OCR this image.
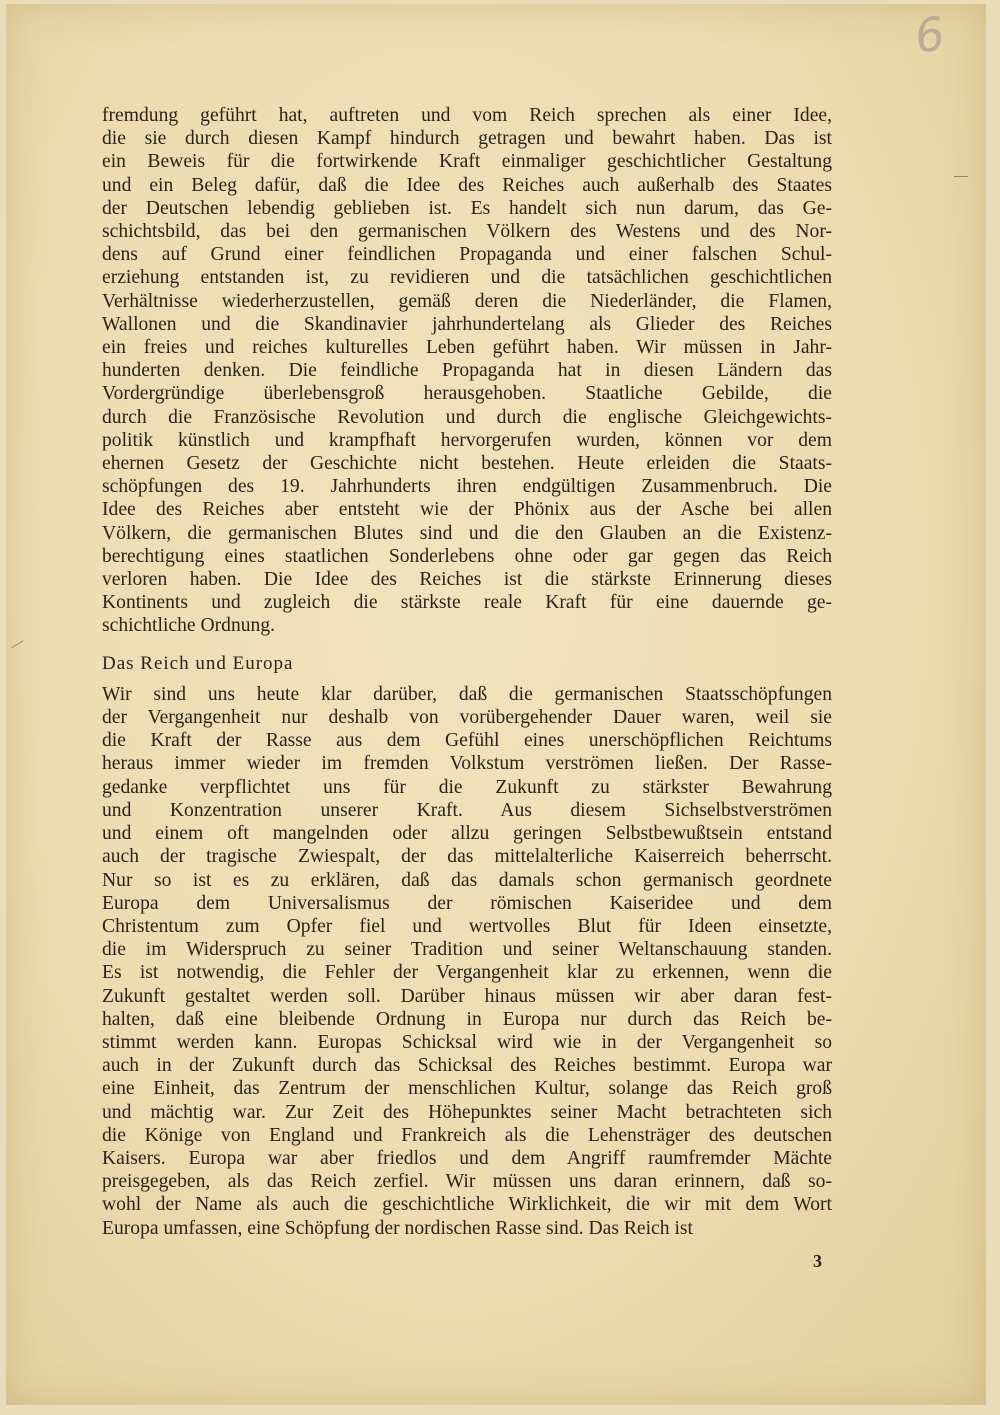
6
fremdung geführt hat, auftreten und vom Reich sprechen als einer Idee,
die sie durch diesen Kampf hindurch getragen und bewahrt haben. Das ist
ein Beweis für die fortwirkende Kraft einmaliger geschichtlicher Gestaltung
und ein Beleg dafür, daß die Idee des Reiches auch außerhalb des Staates
der Deutschen lebendig geblieben ist. Es handelt sich nun darum, das Ge-
schichtsbild, das bei den germanischen Völkern des Westens und des Nor-
dens auf Grund einer feindlichen Propaganda und einer falschen Schul-
erziehung entstanden ist, zu revidieren und die tatsächlichen geschichtlichen
Verhältnisse wiederherzustellen, gemäß deren die Niederländer, die Flamen,
Wallonen und die Skandinavier jahrhundertelang als Glieder des Reiches
ein freies und reiches kulturelles Leben geführt haben. Wir müssen in Jahr-
hunderten denken. Die feindliche Propaganda hat in diesen Ländern das
Vordergründige überlebensgroß herausgehoben. Staatliche Gebilde, die
durch die Französische Revolution und durch die englische Gleichgewichts-
politik künstlich und krampfhaft hervorgerufen wurden, können vor dem
ehernen Gesetz der Geschichte nicht bestehen. Heute erleiden die Staats-
schöpfungen des 19. Jahrhunderts ihren endgültigen Zusammenbruch. Die
Idee des Reiches aber entsteht wie der Phönix aus der Asche bei allen
Völkern, die germanischen Blutes sind und die den Glauben an die Existenz-
berechtigung eines staatlichen Sonderlebens ohne oder gar gegen das Reich
verloren haben. Die Idee des Reiches ist die stärkste Erinnerung dieses
Kontinents und zugleich die stärkste reale Kraft für eine dauernde ge-
schichtliche Ordnung.
Das Reich und Europa
Wir sind uns heute klar darüber, daß die germanischen Staatsschöpfungen
der Vergangenheit nur deshalb von vorübergehender Dauer waren, weil sie
die Kraft der Rasse aus dem Gefühl eines unerschöpflichen Reichtums
heraus immer wieder im fremden Volkstum verströmen ließen. Der Rasse-
gedanke verpflichtet uns für die Zukunft zu stärkster Bewahrung
und Konzentration unserer Kraft. Aus diesem Sichselbstverströmen
und einem oft mangelnden oder allzu geringen Selbstbewußtsein entstand
auch der tragische Zwiespalt, der das mittelalterliche Kaiserreich beherrscht.
Nur so ist es zu erklären, daß das damals schon germanisch geordnete
Europa dem Universalismus der römischen Kaiseridee und dem
Christentum zum Opfer fiel und wertvolles Blut für Ideen einsetzte,
die im Widerspruch zu seiner Tradition und seiner Weltanschauung standen.
Es ist notwendig, die Fehler der Vergangenheit klar zu erkennen, wenn die
Zukunft gestaltet werden soll. Darüber hinaus müssen wir aber daran fest-
halten, daß eine bleibende Ordnung in Europa nur durch das Reich be-
stimmt werden kann. Europas Schicksal wird wie in der Vergangenheit so
auch in der Zukunft durch das Schicksal des Reiches bestimmt. Europa war
eine Einheit, das Zentrum der menschlichen Kultur, solange das Reich groß
und mächtig war. Zur Zeit des Höhepunktes seiner Macht betrachteten sich
die Könige von England und Frankreich als die Lehensträger des deutschen
Kaisers. Europa war aber friedlos und dem Angriff raumfremder Mächte
preisgegeben, als das Reich zerfiel. Wir müssen uns daran erinnern, daß so-
wohl der Name als auch die geschichtliche Wirklichkeit, die wir mit dem Wort
Europa umfassen, eine Schöpfung der nordischen Rasse sind. Das Reich ist
3
